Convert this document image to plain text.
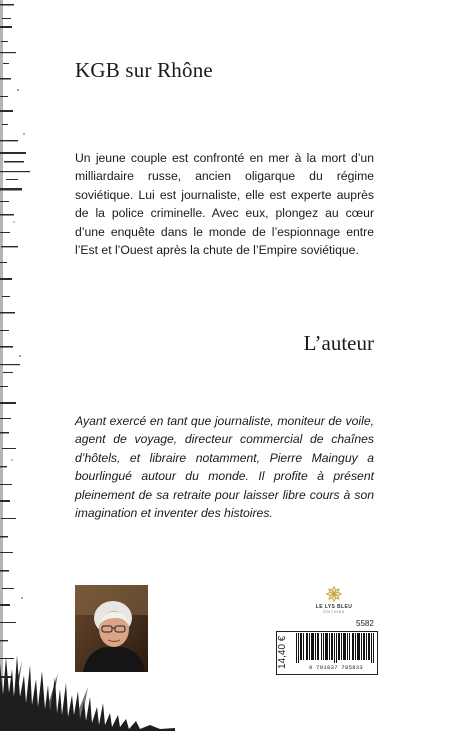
KGB sur Rhône

Un jeune couple est confronté en mer à la mort d’un milliardaire russe, ancien oligarque du régime soviétique. Lui est journaliste, elle est experte auprès de la police criminelle. Avec eux, plongez au cœur d’une enquête dans le monde de l’espionnage entre l’Est et l’Ouest après la chute de l’Empire soviétique.

L’auteur

Ayant exercé en tant que journaliste, moniteur de voile, agent de voyage, directeur commercial de chaînes d’hôtels, et libraire notamment, Pierre Mainguy a bourlingué autour du monde. Il profite à présent pleinement de sa retraite pour laisser libre cours à son imagination et inventer des histoires.

LE LYS BLEU
ÉDITIONS
5582
14,40 €	9 791037 785833
